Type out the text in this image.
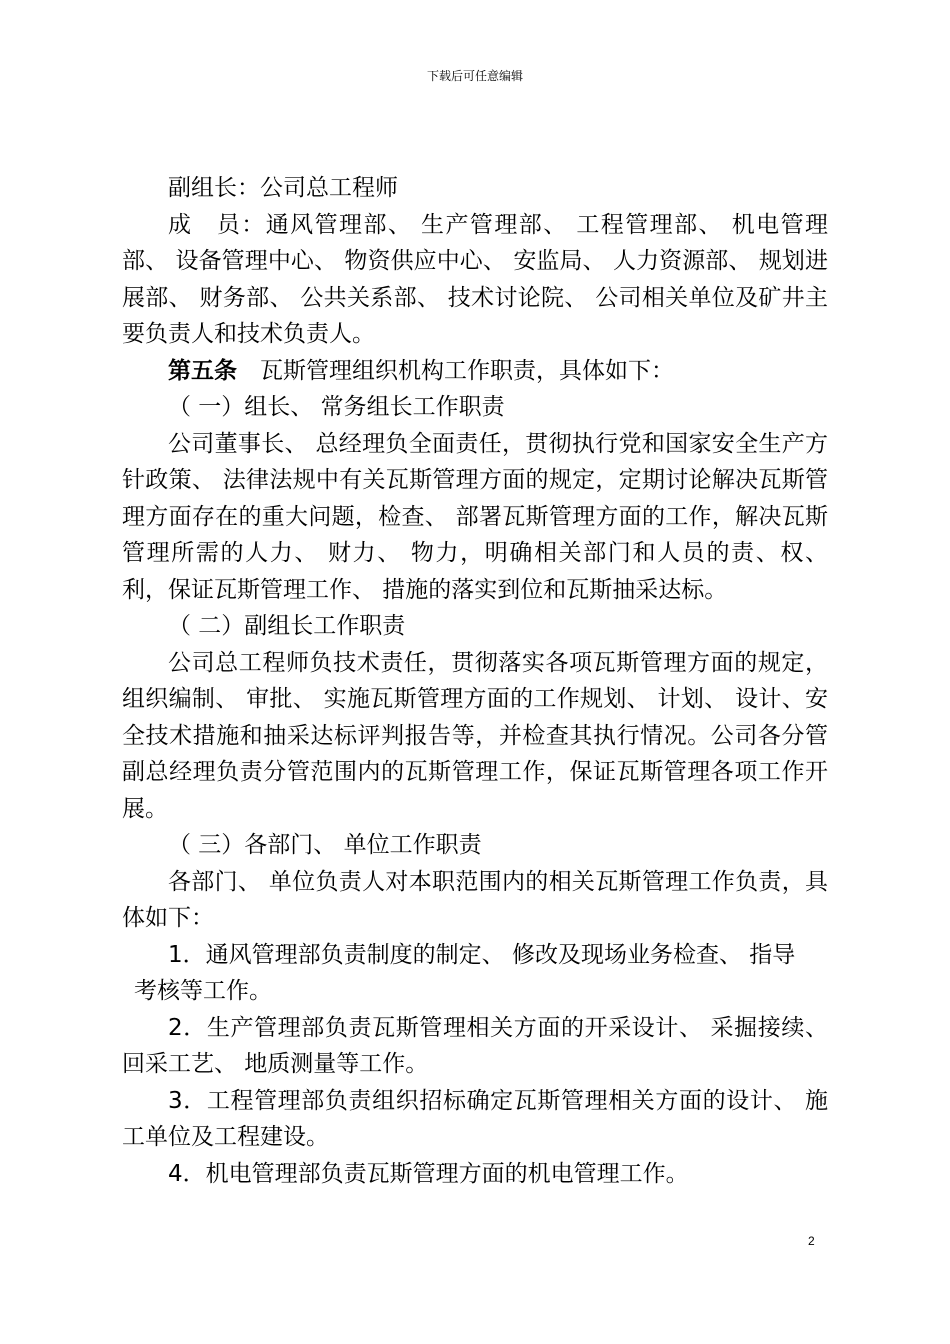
下载后可任意编辑

副组长：公司总工程师

成　员：通风管理部、 生产管理部、 工程管理部、 机电管理部、 设备管理中心、 物资供应中心、 安监局、 人力资源部、 规划进展部、 财务部、 公共关系部、 技术讨论院、 公司相关单位及矿井主要负责人和技术负责人。

第五条　瓦斯管理组织机构工作职责，具体如下：

（ 一）组长、 常务组长工作职责

公司董事长、 总经理负全面责任，贯彻执行党和国家安全生产方针政策、 法律法规中有关瓦斯管理方面的规定，定期讨论解决瓦斯管理方面存在的重大问题，检查、 部署瓦斯管理方面的工作，解决瓦斯管理所需的人力、 财力、 物力，明确相关部门和人员的责、权、 利，保证瓦斯管理工作、 措施的落实到位和瓦斯抽采达标。

（ 二）副组长工作职责

公司总工程师负技术责任，贯彻落实各项瓦斯管理方面的规定，组织编制、 审批、 实施瓦斯管理方面的工作规划、 计划、 设计、安全技术措施和抽采达标评判报告等，并检查其执行情况。公司各分管副总经理负责分管范围内的瓦斯管理工作，保证瓦斯管理各项工作开展。

（ 三）各部门、 单位工作职责

各部门、 单位负责人对本职范围内的相关瓦斯管理工作负责，具体如下：

1．通风管理部负责制度的制定、 修改及现场业务检查、 指导

考核等工作。

2．生产管理部负责瓦斯管理相关方面的开采设计、 采掘接续、回采工艺、 地质测量等工作。

3．工程管理部负责组织招标确定瓦斯管理相关方面的设计、 施工单位及工程建设。

4．机电管理部负责瓦斯管理方面的机电管理工作。

2
